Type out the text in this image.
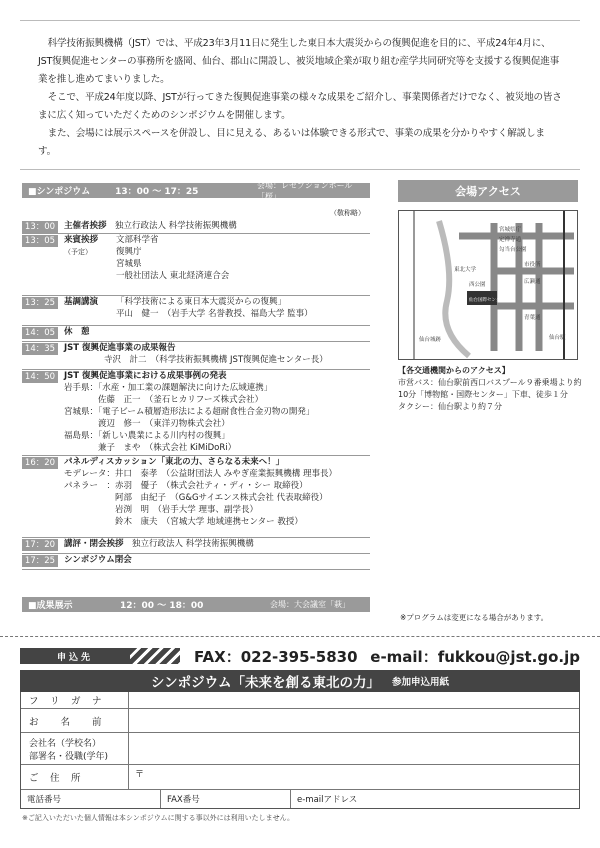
科学技術振興機構（JST）では、平成23年3月11日に発生した東日本大震災からの復興促進を目的に、平成24年4月に、JST復興促進センターの事務所を盛岡、仙台、郡山に開設し、被災地域企業が取り組む産学共同研究等を支援する復興促進事業を推し進めてまいりました。

そこで、平成24年度以降、JSTが行ってきた復興促進事業の様々な成果をご紹介し、事業関係者だけでなく、被災地の皆さまに広く知っていただくためのシンポジウムを開催します。

また、会場には展示スペースを併設し、目に見える、あるいは体験できる形式で、事業の成果を分かりやすく解説します。

■シンポジウム	13：00 〜 17：25
会場：レセプションホール「桜」
（敬称略）
13：00	主催者挨拶　 独立行政法人 科学技術振興機構
13：05	来賓挨拶
（予定）
文部科学省
復興庁
宮城県
一般社団法人 東北経済連合会
13：25	基調講演	「科学技術による東日本大震災からの復興」
平山　健一　（岩手大学 名誉教授、福島大学 監事）
14：05	休　憩
14：35	JST 復興促進事業の成果報告
寺沢　計二　（科学技術振興機構 JST復興促進センター長）
14：50	JST 復興促進事業における成果事例の発表
岩手県：「水産・加工業の課題解決に向けた広域連携」
　　　　佐藤　正一　（釜石ヒカリフーズ株式会社）
宮城県：「電子ビーム積層造形法による超耐食性合金刃物の開発」
　　　　渡辺　修一　（東洋刃物株式会社）
福島県：「新しい農業による川内村の復興」
　　　　兼子　まや　（株式会社 KiMiDoRi）
16：20	パネルディスカッション「東北の力、さらなる未来へ！」
モデレータ：井口　泰孝　（公益財団法人 みやぎ産業振興機構 理事長）
パネラー　：赤羽　優子　（株式会社ティ・ディ・シー 取締役）
　　　　　　阿部　由紀子　（G&Gサイエンス株式会社 代表取締役）
　　　　　　岩渕　明　（岩手大学 理事、副学長）
　　　　　　鈴木　康夫　（宮城大学 地域連携センター 教授）
17：20	講評・閉会挨拶　 独立行政法人 科学技術振興機構
17：25	シンポジウム閉会
■成果展示	12：00 〜 18：00	会場：大会議室「萩」
会場アクセス
宮城県庁
勾当台公園
市役所
東北大学
仙台国際センター
広瀬通
青葉通
仙台駅
西公園
定禅寺通
仙台城跡
【各交通機関からのアクセス】
市営バス：仙台駅前西口バスプール９番乗場より約10分「博物館・国際センター」下車、徒歩１分
タクシー：仙台駅より約７分
※プログラムは変更になる場合があります。
申込先	FAX：022-395-5830 e-mail：fukkou@jst.go.jp
シンポジウム「未来を創る東北の力」 参加申込用紙
フ　リ　ガ　ナ
お　　名　　前
会社名（学校名）
部署名・役職(学年)
ご　住　所	〒
電話番号	FAX番号	e-mailアドレス
※ご記入いただいた個人情報は本シンポジウムに関する事以外には利用いたしません。
